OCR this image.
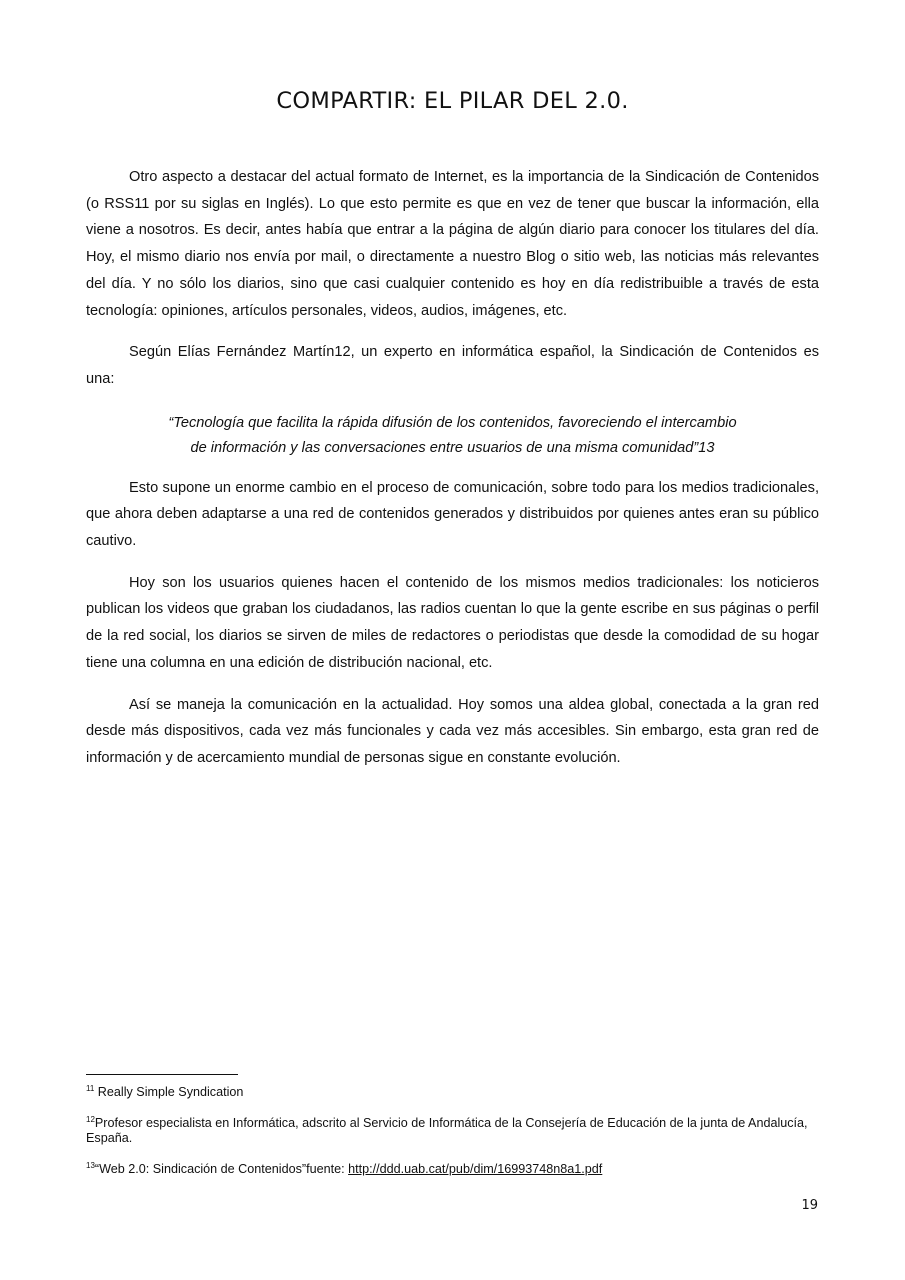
COMPARTIR: EL PILAR DEL 2.0.

Otro aspecto a destacar del actual formato de Internet, es la importancia de la Sindicación de Contenidos (o RSS11 por su siglas en Inglés). Lo que esto permite es que en vez de tener que buscar la información, ella viene a nosotros. Es decir, antes había que entrar a la página de algún diario para conocer los titulares del día. Hoy, el mismo diario nos envía por mail, o directamente a nuestro Blog o sitio web, las noticias más relevantes del día. Y no sólo los diarios, sino que casi cualquier contenido es hoy en día redistribuible a través de esta tecnología: opiniones, artículos personales, videos, audios, imágenes, etc.

Según Elías Fernández Martín12, un experto en informática español, la Sindicación de Contenidos es una:

“Tecnología que facilita la rápida difusión de los contenidos, favoreciendo el intercambio de información y las conversaciones entre usuarios de una misma comunidad”13

Esto supone un enorme cambio en el proceso de comunicación, sobre todo para los medios tradicionales, que ahora deben adaptarse a una red de contenidos generados y distribuidos por quienes antes eran su público cautivo.

Hoy son los usuarios quienes hacen el contenido de los mismos medios tradicionales: los noticieros publican los videos que graban los ciudadanos, las radios cuentan lo que la gente escribe en sus páginas o perfil de la red social, los diarios se sirven de miles de redactores o periodistas que desde la comodidad de su hogar tiene una columna en una edición de distribución nacional, etc.

Así se maneja la comunicación en la actualidad. Hoy somos una aldea global, conectada a la gran red desde más dispositivos, cada vez más funcionales y cada vez más accesibles. Sin embargo, esta gran red de información y de acercamiento mundial de personas sigue en constante evolución.

$^{11}$ Really Simple Syndication

$^{12}$Profesor especialista en Informática, adscrito al Servicio de Informática de la Consejería de Educación de la junta de Andalucía, España.

$^{13}$“Web 2.0: Sindicación de Contenidos”fuente: http://ddd.uab.cat/pub/dim/16993748n8a1.pdf

19
